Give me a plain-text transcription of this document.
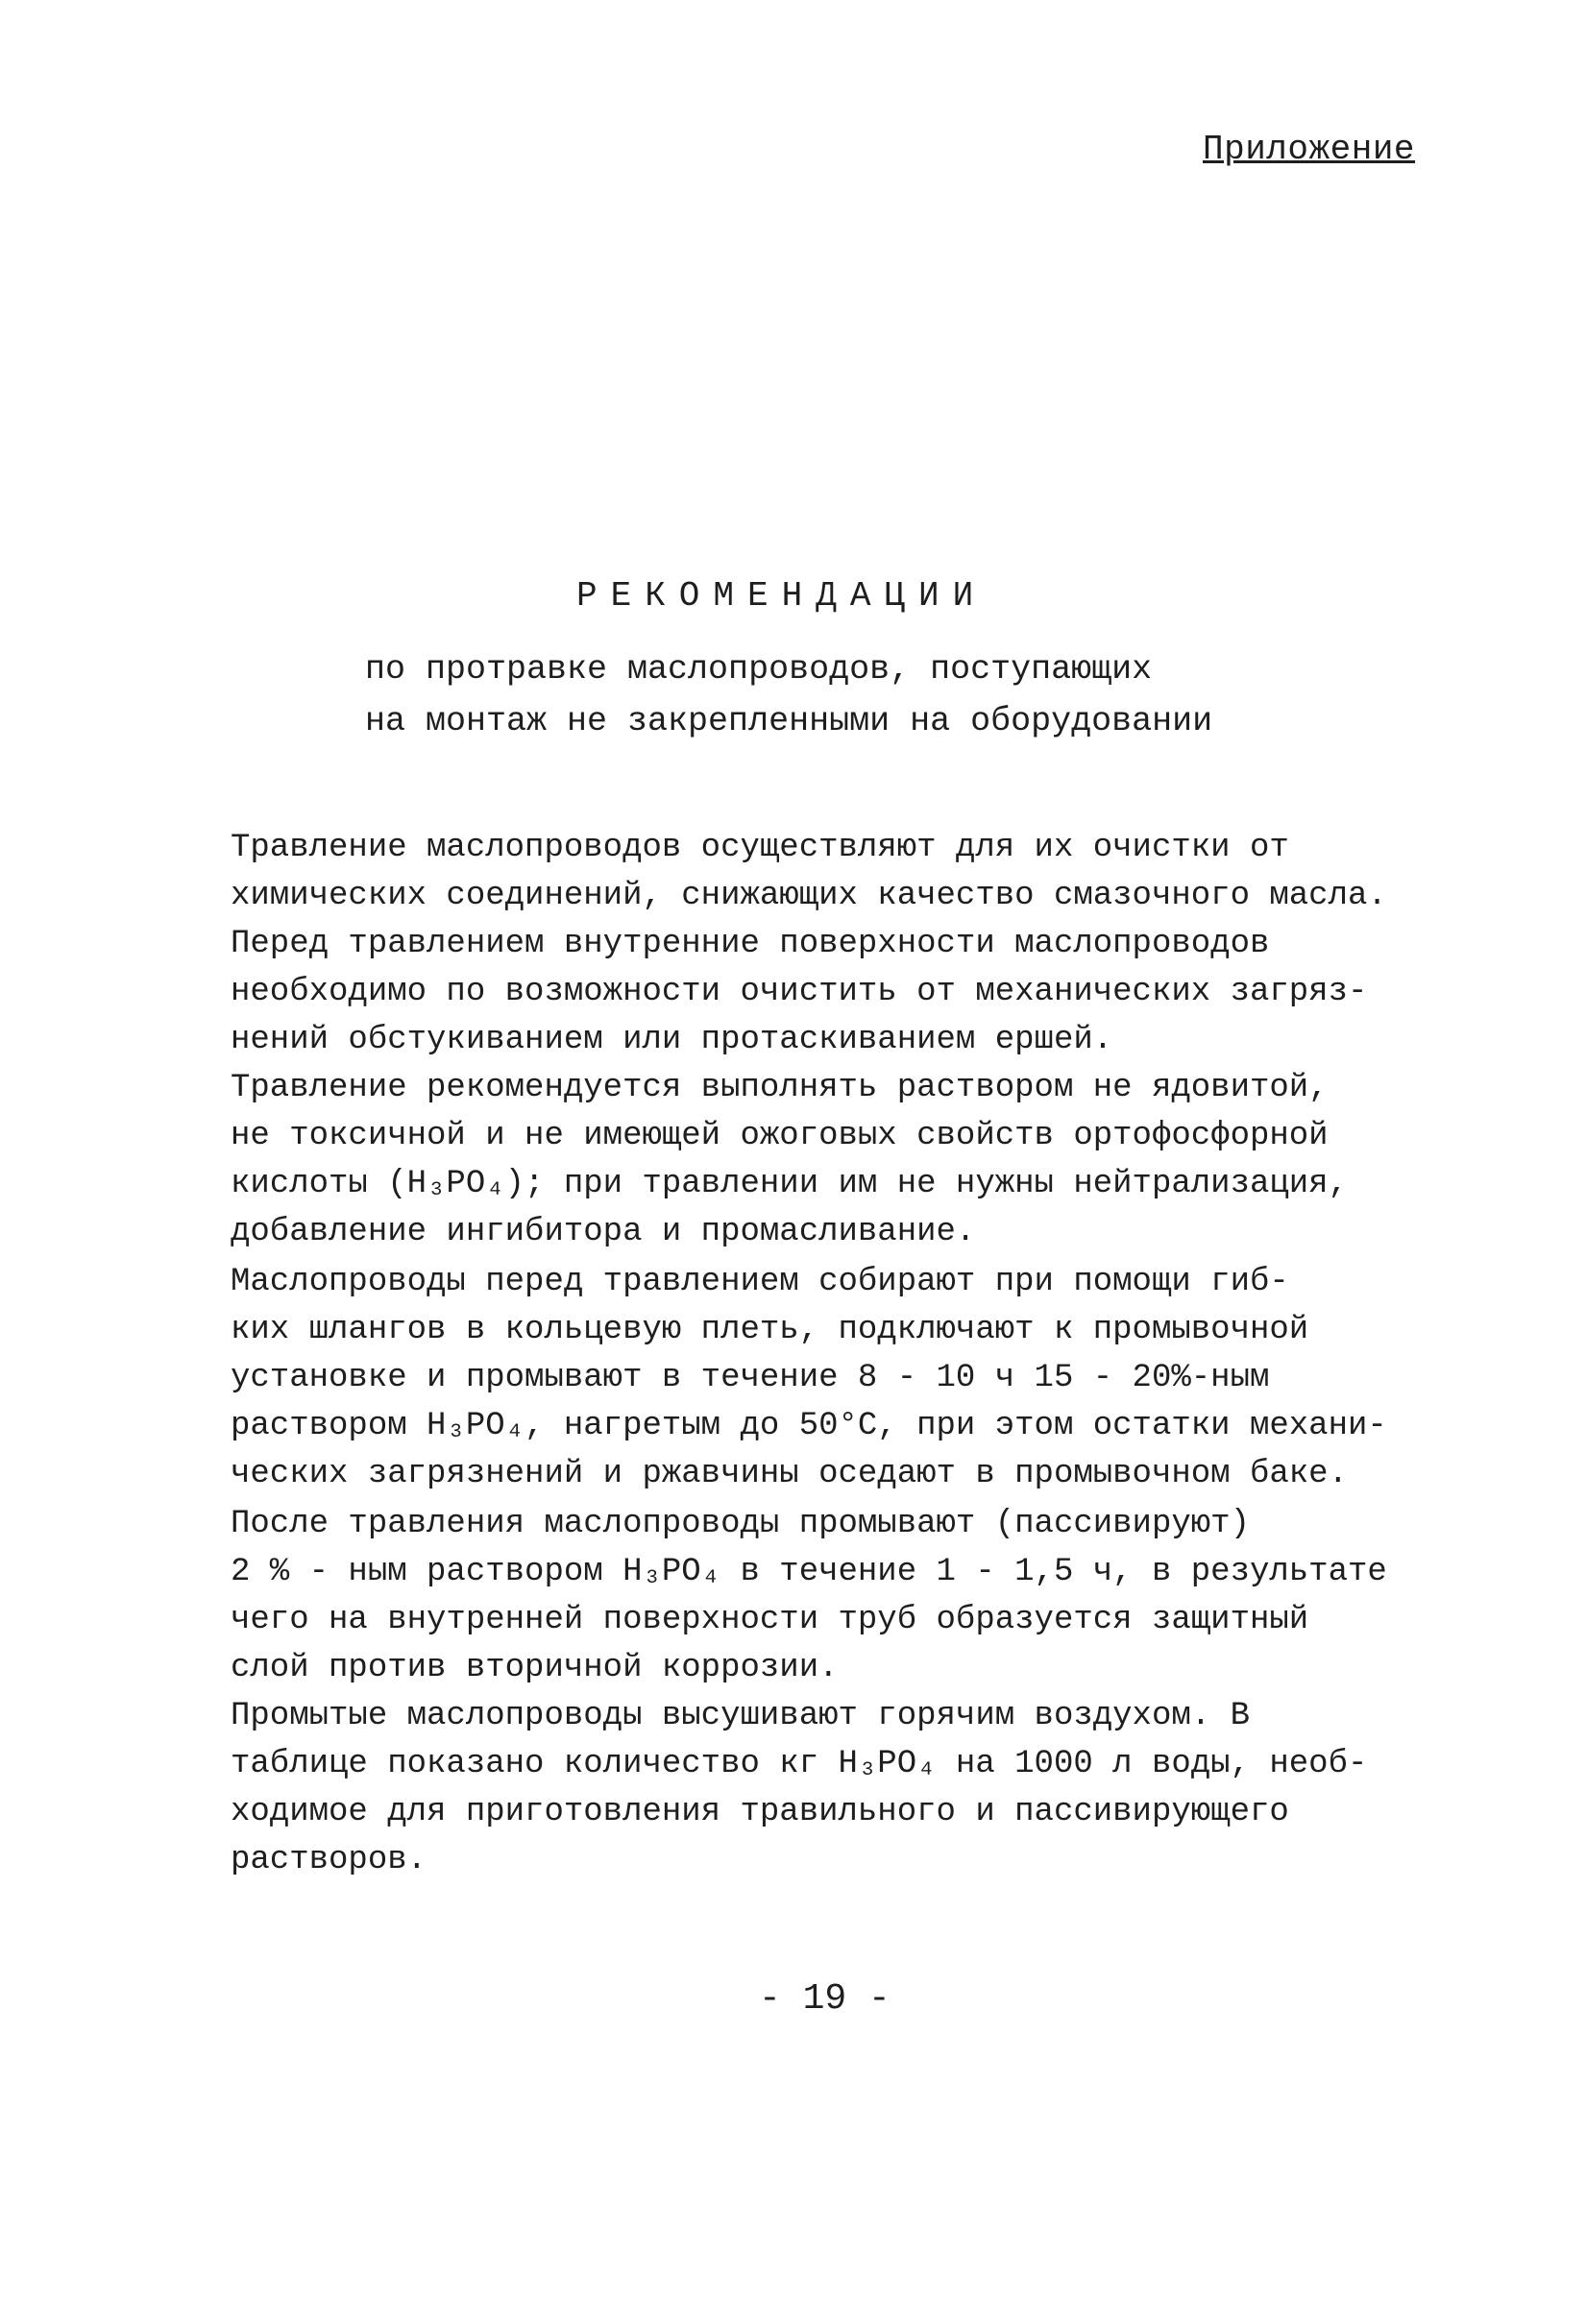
Приложение
РЕКОМЕНДАЦИИ
по протравке маслопроводов, поступающих
на монтаж не закрепленными на оборудовании

Травление маслопроводов осуществляют для их очистки от
химических соединений, снижающих качество смазочного масла.

Перед травлением внутренние поверхности маслопроводов
необходимо по возможности очистить от механических загряз-
нений обстукиванием или протаскиванием ершей.

Травление рекомендуется выполнять раствором не ядовитой,
не токсичной и не имеющей ожоговых свойств ортофосфорной
кислоты (H₃PO₄); при травлении им не нужны нейтрализация,
добавление ингибитора и промасливание.

Маслопроводы перед травлением собирают при помощи гиб-
ких шлангов в кольцевую плеть, подключают к промывочной
установке и промывают в течение 8 - 10 ч 15 - 20%-ным
раствором H₃PO₄, нагретым до 50°C, при этом остатки механи-
ческих загрязнений и ржавчины оседают в промывочном баке.

После травления маслопроводы промывают (пассивируют)
2 % - ным раствором H₃PO₄ в течение 1 - 1,5 ч, в результате
чего на внутренней поверхности труб образуется защитный
слой против вторичной коррозии.

Промытые маслопроводы высушивают горячим воздухом. В
таблице показано количество кг H₃PO₄ на 1000 л воды, необ-
ходимое для приготовления травильного и пассивирующего
растворов.

- 19 -
